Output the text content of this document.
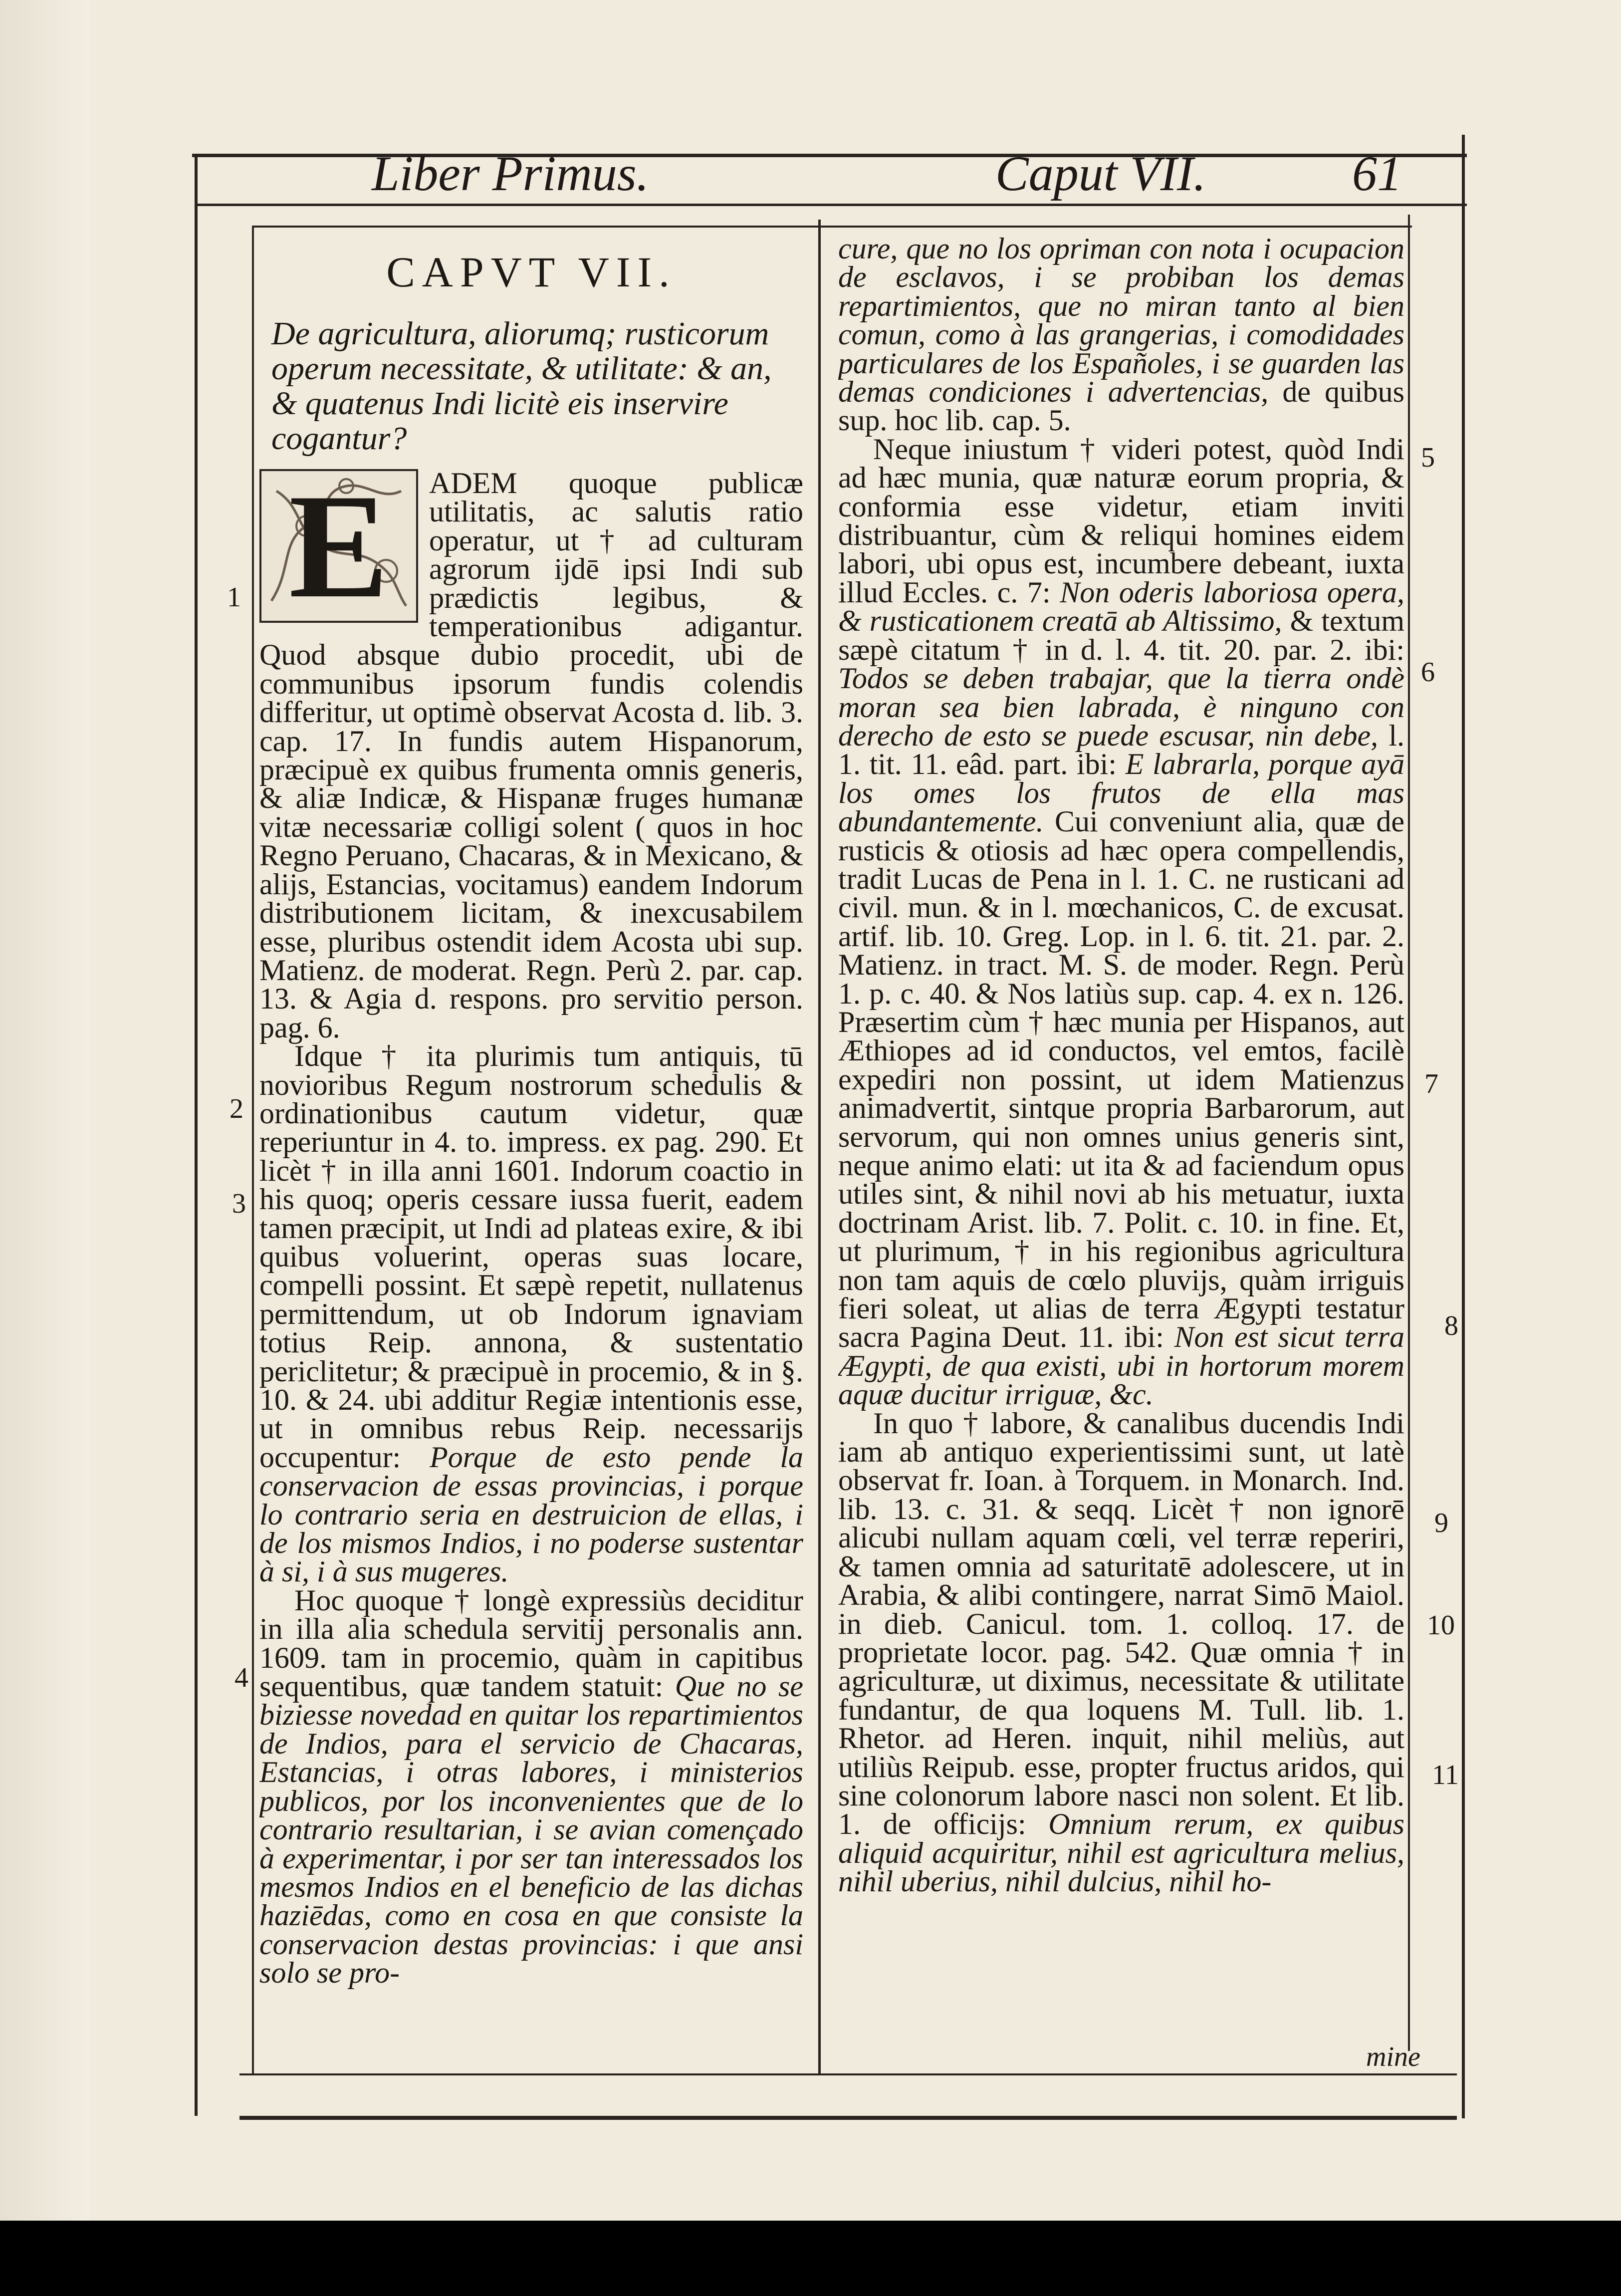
Liber Primus.	Caput VII.	61
CAPVT VII.
De agricultura, aliorumq; rusticorum operum necessitate, & utilitate: & an, & quatenus Indi licitè eis inservire cogantur?
E	ADEM quoque publicæ utilitatis, ac salutis ratio operatur, ut † ad culturam agrorum ijdē ipsi Indi sub prædictis legibus, & temperationibus adigantur. Quod absque dubio procedit, ubi de communibus ipsorum fundis colendis differitur, ut optimè observat Acosta d. lib. 3. cap. 17. In fundis autem Hispanorum, præcipuè ex quibus frumenta omnis generis, & aliæ Indicæ, & Hispanæ fruges humanæ vitæ necessariæ colligi solent ( quos in hoc Regno Peruano, Chacaras, & in Mexicano, & alijs, Estancias, vocitamus) eandem Indorum distributionem licitam, & inexcusabilem esse, pluribus ostendit idem Acosta ubi sup. Matienz. de moderat. Regn. Perù 2. par. cap. 13. & Agia d. respons. pro servitio person. pag. 6.

Idque † ita plurimis tum antiquis, tū novioribus Regum nostrorum schedulis & ordinationibus cautum videtur, quæ reperiuntur in 4. to. impress. ex pag. 290. Et licèt † in illa anni 1601. Indorum coactio in his quoq; operis cessare iussa fuerit, eadem tamen præcipit, ut Indi ad plateas exire, & ibi quibus voluerint, operas suas locare, compelli possint. Et sæpè repetit, nullatenus permittendum, ut ob Indorum ignaviam totius Reip. annona, & sustentatio periclitetur; & præcipuè in procemio, & in §. 10. & 24. ubi additur Regiæ intentionis esse, ut in omnibus rebus Reip. necessarijs occupentur: Porque de esto pende la conservacion de essas provincias, i porque lo contrario seria en destruicion de ellas, i de los mismos Indios, i no poderse sustentar à si, i à sus mugeres.

Hoc quoque † longè expressiùs deciditur in illa alia schedula servitij personalis ann. 1609. tam in procemio, quàm in capitibus sequentibus, quæ tandem statuit: Que no se biziesse novedad en quitar los repartimientos de Indios, para el servicio de Chacaras, Estancias, i otras labores, i ministerios publicos, por los inconvenientes que de lo contrario resultarian, i se avian començado à experimentar, i por ser tan interessados los mesmos Indios en el beneficio de las dichas haziēdas, como en cosa en que consiste la conservacion destas provincias: i que ansi solo se pro-

cure, que no los opriman con nota i ocupacion de esclavos, i se probiban los demas repartimientos, que no miran tanto al bien comun, como à las grangerias, i comodidades particulares de los Españoles, i se guarden las demas condiciones i advertencias, de quibus sup. hoc lib. cap. 5.

Neque iniustum † videri potest, quòd Indi ad hæc munia, quæ naturæ eorum propria, & conformia esse videtur, etiam inviti distribuantur, cùm & reliqui homines eidem labori, ubi opus est, incumbere debeant, iuxta illud Eccles. c. 7: Non oderis laboriosa opera, & rusticationem creatā ab Altissimo, & textum sæpè citatum † in d. l. 4. tit. 20. par. 2. ibi: Todos se deben trabajar, que la tierra ondè moran sea bien labrada, è ninguno con derecho de esto se puede escusar, nin debe, l. 1. tit. 11. eâd. part. ibi: E labrarla, porque ayā los omes los frutos de ella mas abundantemente. Cui conveniunt alia, quæ de rusticis & otiosis ad hæc opera compellendis, tradit Lucas de Pena in l. 1. C. ne rusticani ad civil. mun. & in l. mœchanicos, C. de excusat. artif. lib. 10. Greg. Lop. in l. 6. tit. 21. par. 2. Matienz. in tract. M. S. de moder. Regn. Perù 1. p. c. 40. & Nos latiùs sup. cap. 4. ex n. 126. Præsertim cùm † hæc munia per Hispanos, aut Æthiopes ad id conductos, vel emtos, facilè expediri non possint, ut idem Matienzus animadvertit, sintque propria Barbarorum, aut servorum, qui non omnes unius generis sint, neque animo elati: ut ita & ad faciendum opus utiles sint, & nihil novi ab his metuatur, iuxta doctrinam Arist. lib. 7. Polit. c. 10. in fine. Et, ut plurimum, † in his regionibus agricultura non tam aquis de cœlo pluvijs, quàm irriguis fieri soleat, ut alias de terra Ægypti testatur sacra Pagina Deut. 11. ibi: Non est sicut terra Ægypti, de qua existi, ubi in hortorum morem aquæ ducitur irriguæ, &c.

In quo † labore, & canalibus ducendis Indi iam ab antiquo experientissimi sunt, ut latè observat fr. Ioan. à Torquem. in Monarch. Ind. lib. 13. c. 31. & seqq. Licèt † non ignorē alicubi nullam aquam cœli, vel terræ reperiri, & tamen omnia ad saturitatē adolescere, ut in Arabia, & alibi contingere, narrat Simō Maiol. in dieb. Canicul. tom. 1. colloq. 17. de proprietate locor. pag. 542. Quæ omnia † in agriculturæ, ut diximus, necessitate & utilitate fundantur, de qua loquens M. Tull. lib. 1. Rhetor. ad Heren. inquit, nihil meliùs, aut utiliùs Reipub. esse, propter fructus aridos, qui sine colonorum labore nasci non solent. Et lib. 1. de officijs: Omnium rerum, ex quibus aliquid acquiritur, nihil est agricultura melius, nihil uberius, nihil dulcius, nihil ho-

mine
1
2
3
4
5
6
7
8
9
10
11
